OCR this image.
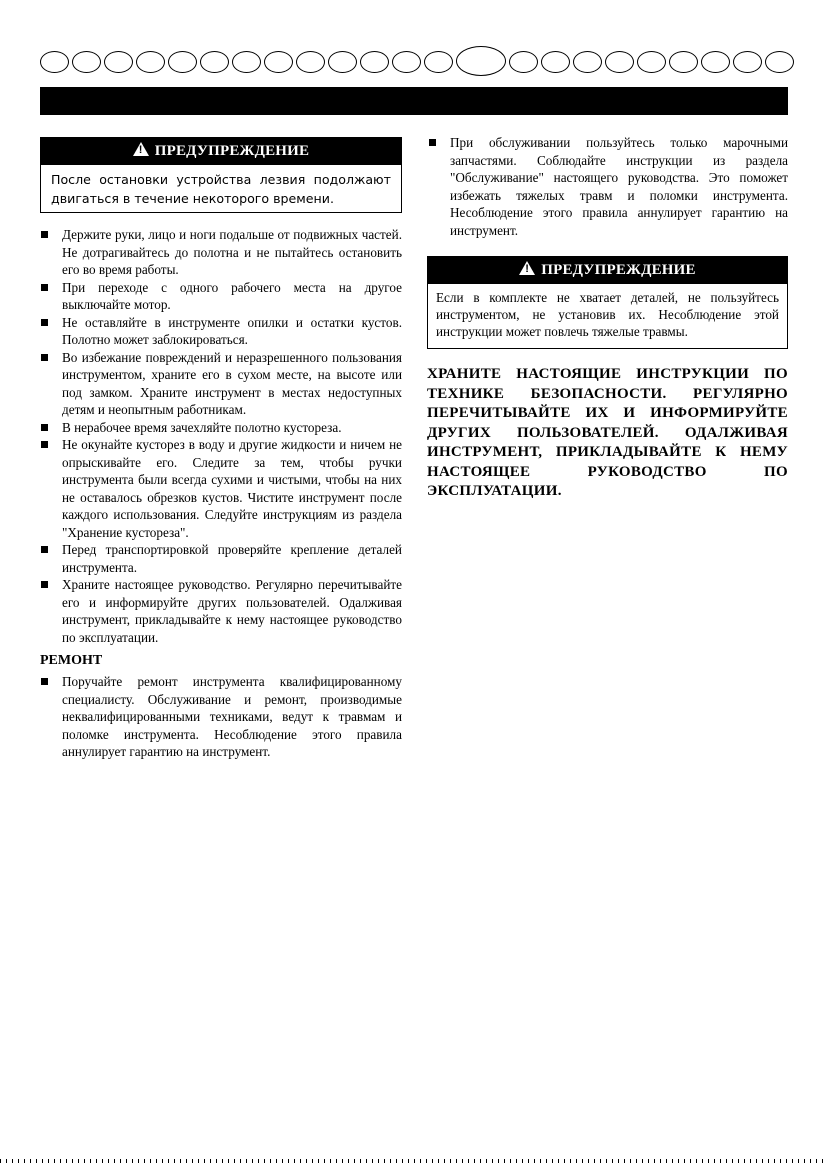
!ПРЕДУПРЕЖДЕНИЕ
После остановки устройства лезвия подолжают двигаться в течение некоторого времени.
Держите руки, лицо и ноги подальше от подвижных частей. Не дотрагивайтесь до полотна и не пытайтесь остановить его во время работы.
При переходе с одного рабочего места на другое выключайте мотор.
Не оставляйте в инструменте опилки и остатки кустов. Полотно может заблокироваться.
Во избежание повреждений и неразрешенного пользования инструментом, храните его в сухом месте, на высоте или под замком. Храните инструмент в местах недоступных детям и неопытным работникам.
В нерабочее время зачехляйте полотно кустореза.
Не окунайте кусторез в воду и другие жидкости и ничем не опрыскивайте его. Следите за тем, чтобы ручки инструмента были всегда сухими и чистыми, чтобы на них не оставалось обрезков кустов. Чистите инструмент после каждого использования. Следуйте инструкциям из раздела "Хранение кустореза".
Перед транспортировкой проверяйте крепление деталей инструмента.
Храните настоящее руководство. Регулярно перечитывайте его и информируйте других пользователей. Одалживая инструмент, прикладывайте к нему настоящее руководство по эксплуатации.
РЕМОНТ
Поручайте ремонт инструмента квалифицированному специалисту. Обслуживание и ремонт, производимые неквалифицированными техниками, ведут к травмам и поломке инструмента. Несоблюдение этого правила аннулирует гарантию на инструмент.
При обслуживании пользуйтесь только марочными запчастями. Соблюдайте инструкции из раздела "Обслуживание" настоящего руководства. Это поможет избежать тяжелых травм и поломки инструмента. Несоблюдение этого правила аннулирует гарантию на инструмент.
!ПРЕДУПРЕЖДЕНИЕ
Если в комплекте не хватает деталей, не пользуйтесь инструментом, не установив их. Несоблюдение этой инструкции может повлечь тяжелые травмы.

ХРАНИТЕ НАСТОЯЩИЕ ИНСТРУКЦИИ ПО ТЕХНИКЕ БЕЗОПАСНОСТИ. РЕГУЛЯРНО ПЕРЕЧИТЫВАЙТЕ ИХ И ИНФОРМИРУЙТЕ ДРУГИХ ПОЛЬЗОВАТЕЛЕЙ. ОДАЛЖИВАЯ ИНСТРУМЕНТ, ПРИКЛАДЫВАЙТЕ К НЕМУ НАСТОЯЩЕЕ РУКОВОДСТВО ПО ЭКСПЛУАТАЦИИ.
